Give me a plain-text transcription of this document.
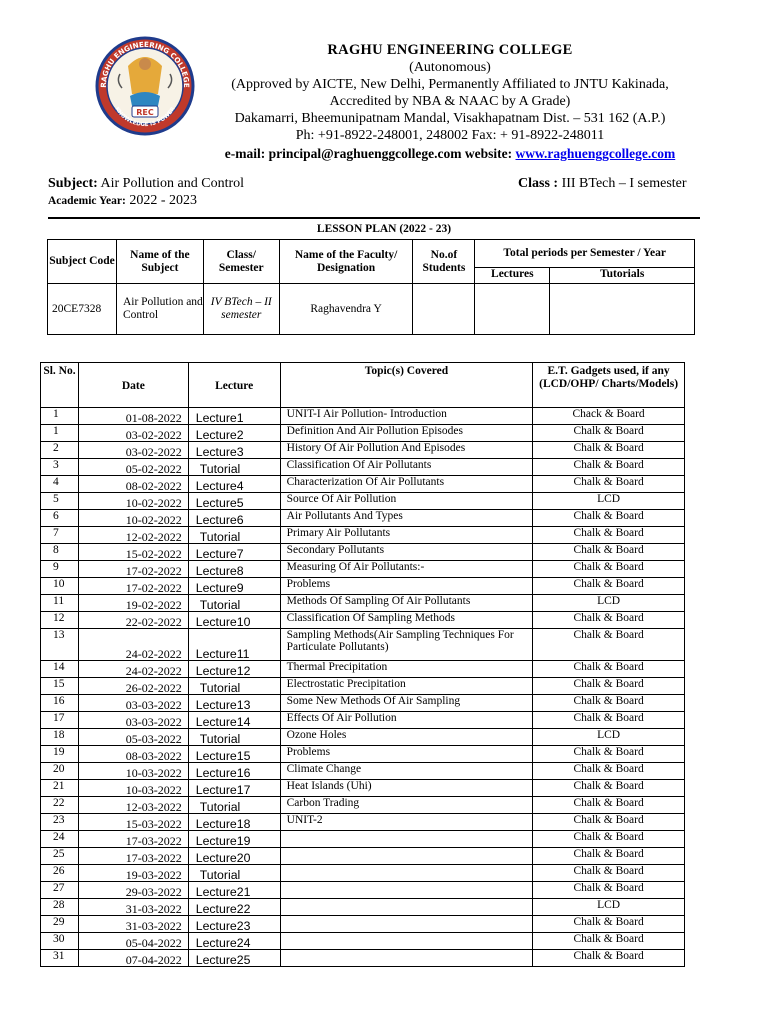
RAGHU ENGINEERING COLLEGE
REC
KNOWLEDGE IS POWER
RAGHU ENGINEERING COLLEGE
(Autonomous)
(Approved by AICTE, New Delhi, Permanently Affiliated to JNTU Kakinada,
Accredited by NBA & NAAC by A Grade)
Dakamarri, Bheemunipatnam Mandal, Visakhapatnam Dist. – 531 162 (A.P.)
Ph: +91-8922-248001, 248002 Fax: + 91-8922-248011
e-mail: principal@raghuenggcollege.com website: www.raghuenggcollege.com
Subject: Air Pollution and Control	Class : III BTech – I semester
Academic Year: 2022 - 2023
LESSON PLAN (2022 - 23)
Subject Code	Name of the Subject	Class/ Semester	Name of the Faculty/ Designation	No.of Students	Total periods per Semester / Year	
					Lectures	Tutorials
20CE7328	Air Pollution and Control	IV BTech – II semester	Raghavendra Y			
Sl. No.	Date	Lecture	Topic(s) Covered	E.T. Gadgets used, if any (LCD/OHP/ Charts/Models)
1	01-08-2022	Lecture1	UNIT-I Air Pollution- Introduction	Chack & Board
1	03-02-2022	Lecture2	Definition And Air Pollution Episodes	Chalk & Board
2	03-02-2022	Lecture3	History Of Air Pollution And Episodes	Chalk & Board
3	05-02-2022	Tutorial	Classification Of Air Pollutants	Chalk & Board
4	08-02-2022	Lecture4	Characterization Of Air Pollutants	Chalk & Board
5	10-02-2022	Lecture5	Source Of Air Pollution	LCD
6	10-02-2022	Lecture6	Air Pollutants And Types	Chalk & Board
7	12-02-2022	Tutorial	Primary Air Pollutants	Chalk & Board
8	15-02-2022	Lecture7	Secondary Pollutants	Chalk & Board
9	17-02-2022	Lecture8	Measuring Of Air Pollutants:-	Chalk & Board
10	17-02-2022	Lecture9	Problems	Chalk & Board
11	19-02-2022	Tutorial	Methods Of Sampling Of Air Pollutants	LCD
12	22-02-2022	Lecture10	Classification Of Sampling Methods	Chalk & Board
13	24-02-2022	Lecture11	Sampling Methods(Air Sampling Techniques For Particulate Pollutants)	Chalk & Board
14	24-02-2022	Lecture12	Thermal Precipitation	Chalk & Board
15	26-02-2022	Tutorial	Electrostatic Precipitation	Chalk & Board
16	03-03-2022	Lecture13	Some New Methods Of Air Sampling	Chalk & Board
17	03-03-2022	Lecture14	Effects Of Air Pollution	Chalk & Board
18	05-03-2022	Tutorial	Ozone Holes	LCD
19	08-03-2022	Lecture15	Problems	Chalk & Board
20	10-03-2022	Lecture16	Climate Change	Chalk & Board
21	10-03-2022	Lecture17	Heat Islands (Uhi)	Chalk & Board
22	12-03-2022	Tutorial	Carbon Trading	Chalk & Board
23	15-03-2022	Lecture18	UNIT-2	Chalk & Board
24	17-03-2022	Lecture19		Chalk & Board
25	17-03-2022	Lecture20		Chalk & Board
26	19-03-2022	Tutorial		Chalk & Board
27	29-03-2022	Lecture21		Chalk & Board
28	31-03-2022	Lecture22		LCD
29	31-03-2022	Lecture23		Chalk & Board
30	05-04-2022	Lecture24		Chalk & Board
31	07-04-2022	Lecture25		Chalk & Board
